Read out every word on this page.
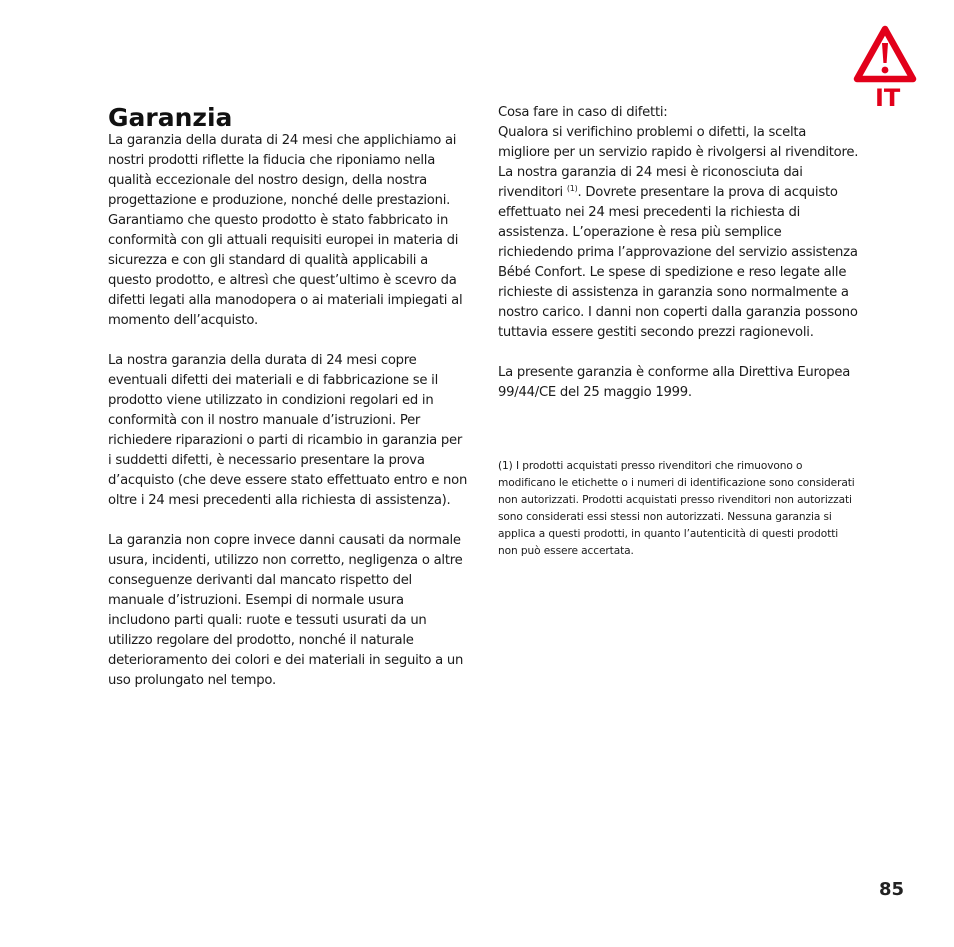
IT
Garanzia

La garanzia della durata di 24 mesi che applichiamo ai nostri prodotti riflette la fiducia che riponiamo nella qualità eccezionale del nostro design, della nostra progettazione e produzione, nonché delle prestazioni. Garantiamo che questo prodotto è stato fabbricato in conformità con gli attuali requisiti europei in materia di sicurezza e con gli standard di qualità applicabili a questo prodotto, e altresì che quest’ultimo è scevro da difetti legati alla manodopera o ai materiali impiegati al momento dell’acquisto.

La nostra garanzia della durata di 24 mesi copre eventuali difetti dei materiali e di fabbricazione se il prodotto viene utilizzato in condizioni regolari ed in conformità con il nostro manuale d’istruzioni. Per richiedere riparazioni o parti di ricambio in garanzia per i suddetti difetti, è necessario presentare la prova d’acquisto (che deve essere stato effettuato entro e non oltre i 24 mesi precedenti alla richiesta di assistenza).

La garanzia non copre invece danni causati da normale usura, incidenti, utilizzo non corretto, negligenza o altre conseguenze derivanti dal mancato rispetto del manuale d’istruzioni. Esempi di normale usura includono parti quali: ruote e tessuti usurati da un utilizzo regolare del prodotto, nonché il naturale deterioramento dei colori e dei materiali in seguito a un uso prolungato nel tempo.

Cosa fare in caso di difetti:

Qualora si verifichino problemi o difetti, la scelta migliore per un servizio rapido è rivolgersi al rivenditore. La nostra garanzia di 24 mesi è riconosciuta dai rivenditori $^{(1)}$. Dovrete presentare la prova di acquisto effettuato nei 24 mesi precedenti la richiesta di assistenza. L’operazione è resa più semplice richiedendo prima l’approvazione del servizio assistenza Bébé Confort. Le spese di spedizione e reso legate alle richieste di assistenza in garanzia sono normalmente a nostro carico. I danni non coperti dalla garanzia possono tuttavia essere gestiti secondo prezzi ragionevoli.

La presente garanzia è conforme alla Direttiva Europea 99/44/CE del 25 maggio 1999.

(1) I prodotti acquistati presso rivenditori che rimuovono o modificano le etichette o i numeri di identificazione sono considerati non autorizzati. Prodotti acquistati presso rivenditori non autorizzati sono considerati essi stessi non autorizzati. Nessuna garanzia si applica a questi prodotti, in quanto l’autenticità di questi prodotti non può essere accertata.

85
